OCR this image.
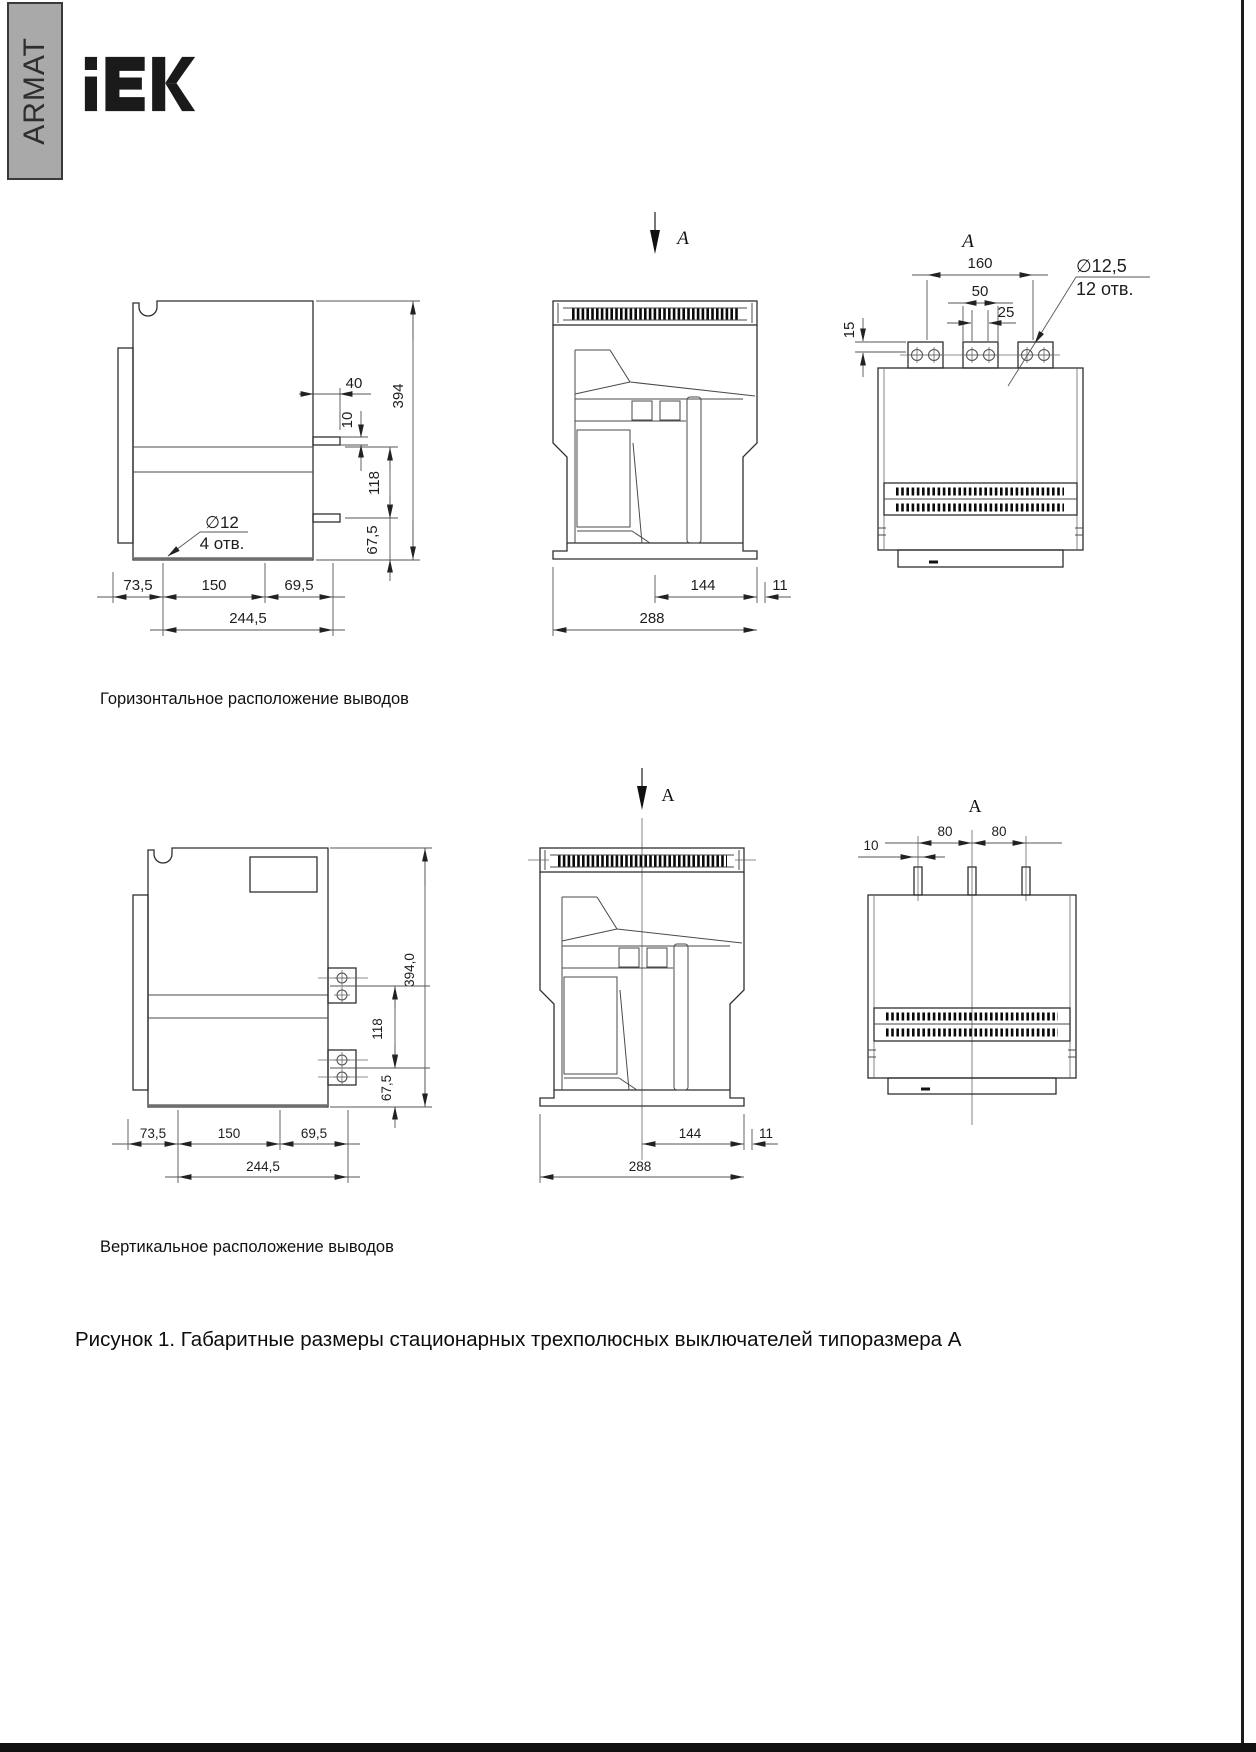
ARMAT
Горизонтальное расположение выводов
Вертикальное расположение выводов
Рисунок 1. Габаритные размеры стационарных трехполюсных выключателей типоразмера А
40
10
394
118
67,5
∅12
4 отв.
73,5	150	69,5
244,5
A
144	11
288
A
160
50
25
15
∅12,5
12 отв.
394,0
118
67,5
73,5	150	69,5
244,5
A
144	11
288
A
80	80
10
